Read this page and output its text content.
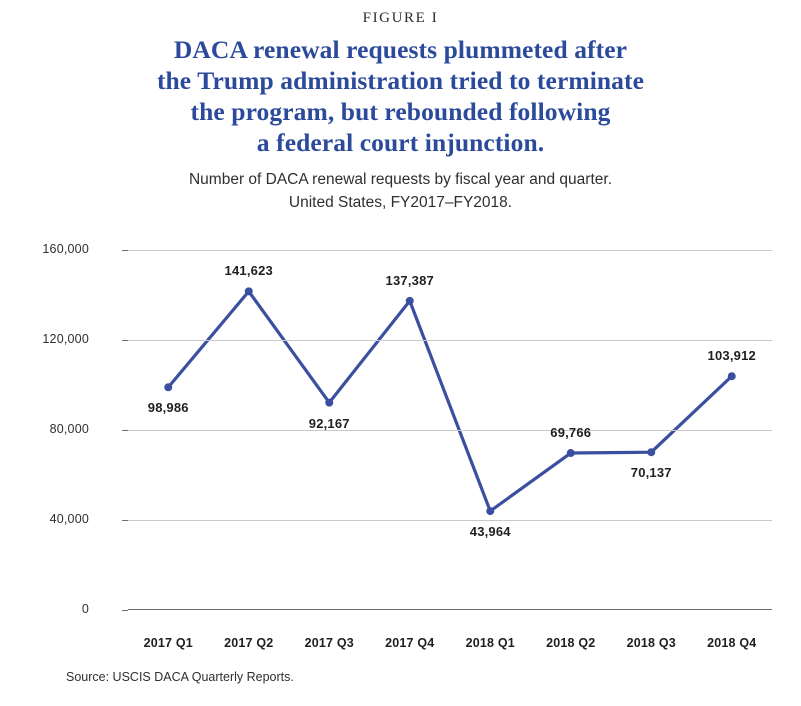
FIGURE I
DACA renewal requests plummeted after
the Trump administration tried to terminate
the program, but rebounded following
a federal court injunction.
Number of DACA renewal requests by fiscal year and quarter.
United States, FY2017–FY2018.
0
40,000
80,000
120,000
160,000
2017 Q1 2017 Q2 2017 Q3 2017 Q4 2018 Q1 2018 Q2 2018 Q3 2018 Q4
98,986
141,623
92,167
137,387
43,964
69,766
70,137
103,912
Source: USCIS DACA Quarterly Reports.
